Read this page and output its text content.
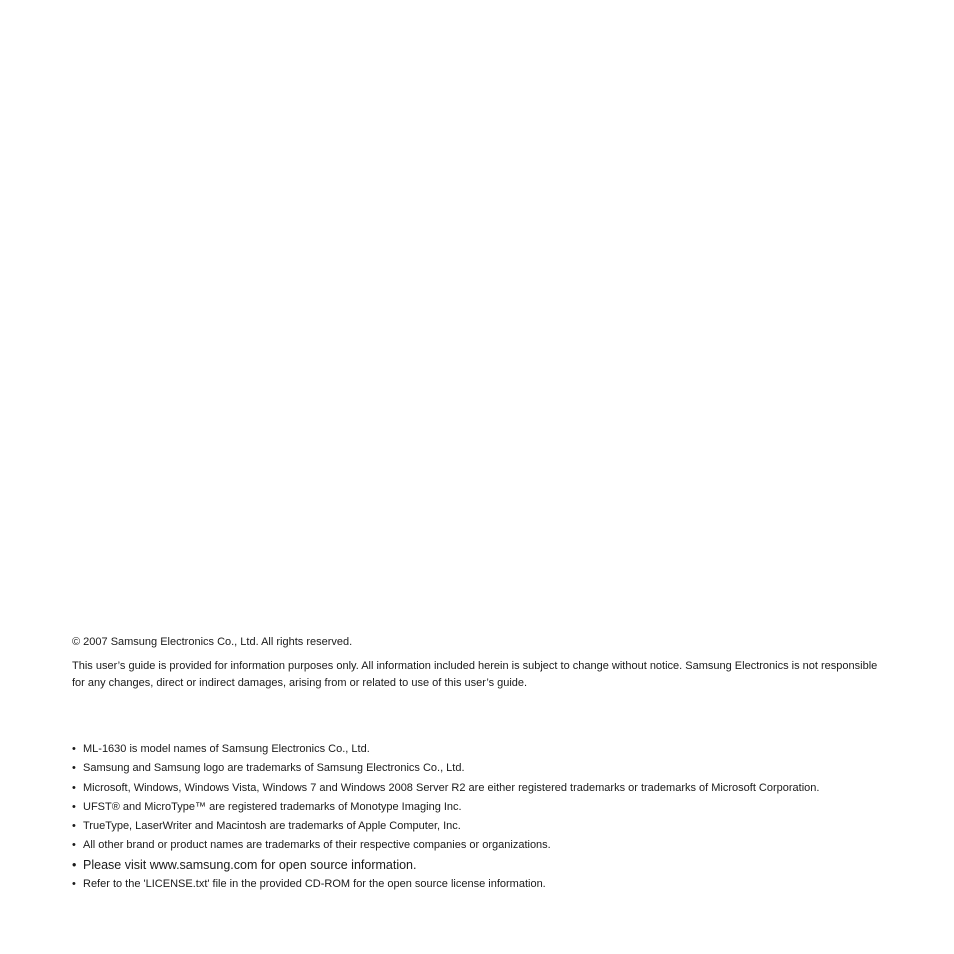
© 2007 Samsung Electronics Co., Ltd. All rights reserved.

This user’s guide is provided for information purposes only. All information included herein is subject to change without notice. Samsung Electronics is not responsible for any changes, direct or indirect damages, arising from or related to use of this user’s guide.

• ML-1630 is model names of Samsung Electronics Co., Ltd.
• Samsung and Samsung logo are trademarks of Samsung Electronics Co., Ltd.
• Microsoft, Windows, Windows Vista, Windows 7 and Windows 2008 Server R2 are either registered trademarks or trademarks of Microsoft Corporation.
• UFST® and MicroType™ are registered trademarks of Monotype Imaging Inc.
• TrueType, LaserWriter and Macintosh are trademarks of Apple Computer, Inc.
• All other brand or product names are trademarks of their respective companies or organizations.
• Please visit www.samsung.com for open source information.
• Refer to the 'LICENSE.txt' file in the provided CD-ROM for the open source license information.
